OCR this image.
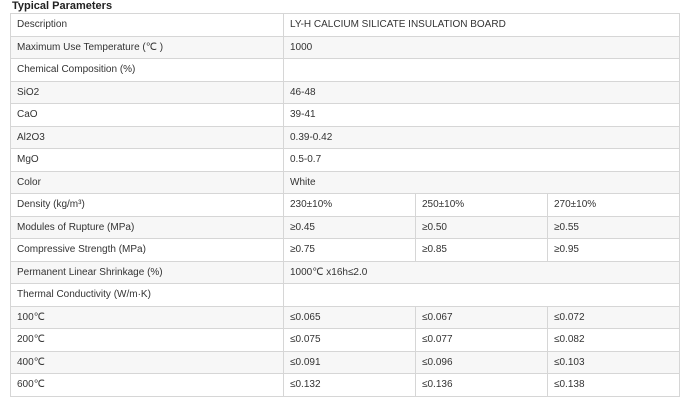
Typical Parameters
Description	LY-H CALCIUM SILICATE INSULATION BOARD		
Maximum Use Temperature (℃ )	1000		
Chemical Composition (%)			
SiO2	46-48		
CaO	39-41		
Al2O3	0.39-0.42		
MgO	0.5-0.7		
Color	White		
Density (kg/m³)	230±10%	250±10%	270±10%
Modules of Rupture (MPa)	≥0.45	≥0.50	≥0.55
Compressive Strength (MPa)	≥0.75	≥0.85	≥0.95
Permanent Linear Shrinkage (%)	1000℃ x16h≤2.0		
Thermal Conductivity (W/m·K)			
100℃	≤0.065	≤0.067	≤0.072
200℃	≤0.075	≤0.077	≤0.082
400℃	≤0.091	≤0.096	≤0.103
600℃	≤0.132	≤0.136	≤0.138
